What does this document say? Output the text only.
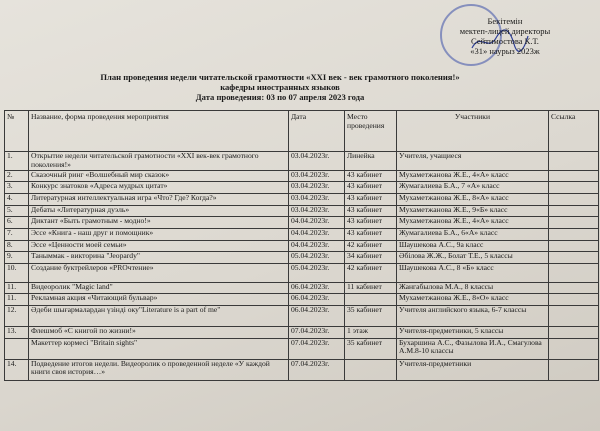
Бекітемін
мектеп-лицей директоры
Сейтимостова К.Т.
«31» наурыз 2023ж
План проведения недели читательской грамотности «XXI век - век грамотного поколения!»
кафедры иностранных языков
Дата проведения: 03 по 07 апреля 2023 года
№	Название, форма проведения мероприятия	Дата	Место проведения	Участники	Ссылка
1.	Открытие недели читательской грамотности «XXI век-век грамотного поколения!»	03.04.2023г.	Линейка	Учителя, учащиеся	
2.	Сказочный ринг «Волшебный мир сказок»	03.04.2023г.	43 кабинет	Мухаметжанова Ж.Е., 4«А» класс	
3.	Конкурс знатоков «Адреса мудрых цитат»	03.04.2023г.	43 кабинет	Жумагалиева Б.А., 7 «А» класс	
4.	Литературная интеллектуальная игра «Что? Где? Когда?»	03.04.2023г.	43 кабинет	Мухаметжанова Ж.Е., 8«А» класс	
5.	Дебаты «Литературная дуэль»	03.04.2023г.	43 кабинет	Мухаметжанова Ж.Е., 9«Б» класс	
6.	Диктант «Быть грамотным - модно!»	04.04.2023г.	43 кабинет	Мухаметжанова Ж.Е., 4«А» класс	
7.	Эссе «Книга - наш друг и помощник»	04.04.2023г.	43 кабинет	Жумагалиева Б.А., 6«А» класс	
8.	Эссе «Ценности моей семьи»	04.04.2023г.	42 кабинет	Шаушекова А.С., 9а класс	
9.	Таныммак - викторина "Jeopardy"	05.04.2023г.	34 кабинет	Әбілова Ж.Ж., Болат Т.Е., 5 классы	
10.	Создание буктрейлеров «PROчтение»	05.04.2023г.	42 кабинет	Шаушекова А.С., 8 «Б» класс	
11.	Видеоролик "Magic land"	06.04.2023г.	11 кабинет	Жангабылова М.А., 8 классы	
11.	Рекламная акция «Читающий бульвар»	06.04.2023г.		Мухаметжанова Ж.Е., 8«О» класс	
12.	Әдеби шығармалардан үзінді оку"Literature is a part of me"	06.04.2023г.	35 кабинет	Учителя английского языка, 6-7 классы	
13.	Флешмоб «С книгой по жизни!»	07.04.2023г.	1 этаж	Учителя-предметники, 5 классы	
	Макеттер кормесі "Britain sights"	07.04.2023г.	35 кабинет	Бухаршина А.С., Фазылова И.А., Смагулова А.М.8-10 классы	
14.	Подведение итогов недели. Видеоролик о проведенной неделе «У каждой книги своя история…»	07.04.2023г.		Учителя-предметники	
